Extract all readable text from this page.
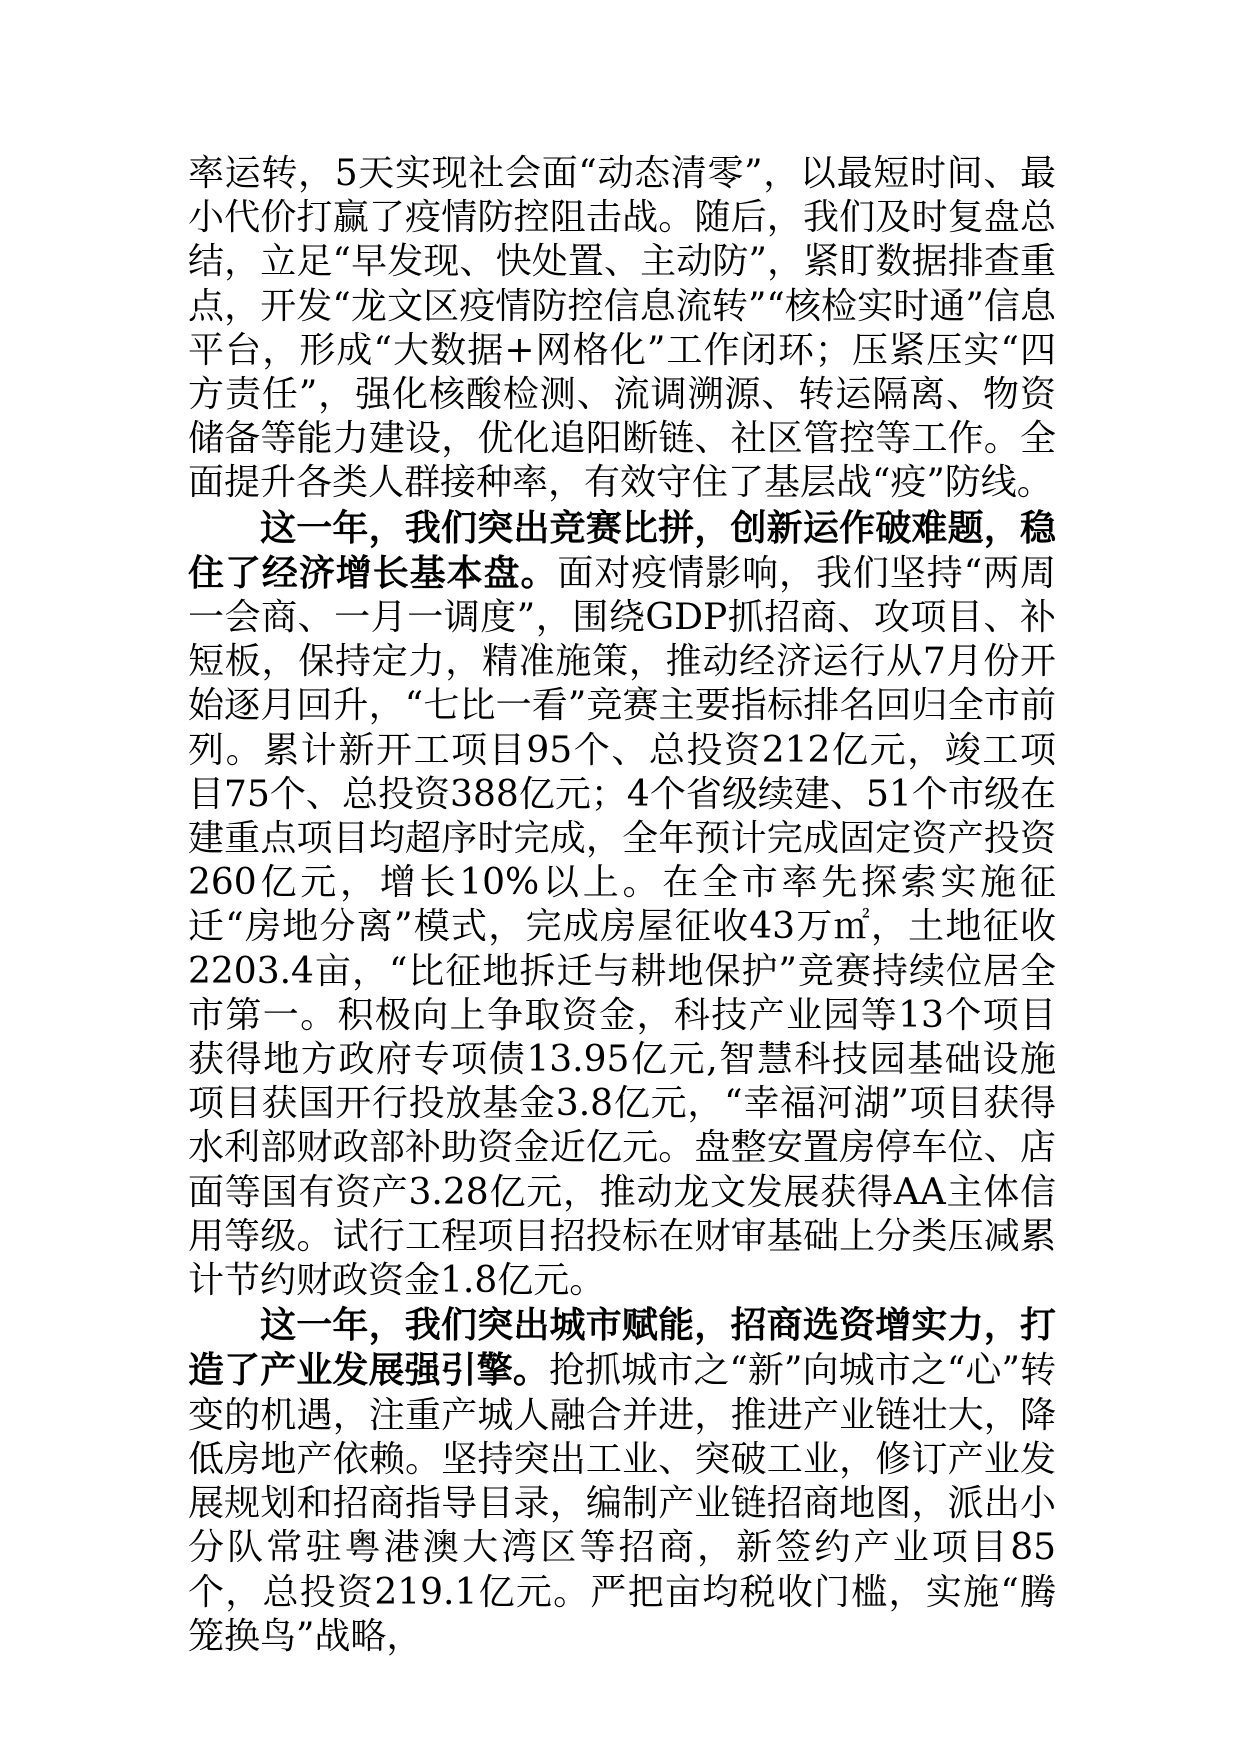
率运转，5天实现社会面“动态清零”，以最短时间、最小代价打赢了疫情防控阻击战。随后，我们及时复盘总结，立足“早发现、快处置、主动防”，紧盯数据排查重点，开发“龙文区疫情防控信息流转”“核检实时通”信息平台，形成“大数据+网格化”工作闭环；压紧压实“四方责任”，强化核酸检测、流调溯源、转运隔离、物资储备等能力建设，优化追阳断链、社区管控等工作。全面提升各类人群接种率，有效守住了基层战“疫”防线。

这一年，我们突出竞赛比拼，创新运作破难题，稳住了经济增长基本盘。面对疫情影响，我们坚持“两周一会商、一月一调度”，围绕GDP抓招商、攻项目、补短板，保持定力，精准施策，推动经济运行从7月份开始逐月回升，“七比一看”竞赛主要指标排名回归全市前列。累计新开工项目95个、总投资212亿元，竣工项目75个、总投资388亿元；4个省级续建、51个市级在建重点项目均超序时完成，全年预计完成固定资产投资260亿元，增长10%以上。在全市率先探索实施征迁“房地分离”模式，完成房屋征收43万㎡，土地征收2203.4亩，“比征地拆迁与耕地保护”竞赛持续位居全市第一。积极向上争取资金，科技产业园等13个项目获得地方政府专项债13.95亿元,智慧科技园基础设施项目获国开行投放基金3.8亿元，“幸福河湖”项目获得水利部财政部补助资金近亿元。盘整安置房停车位、店面等国有资产3.28亿元，推动龙文发展获得AA主体信用等级。试行工程项目招投标在财审基础上分类压减累计节约财政资金1.8亿元。

这一年，我们突出城市赋能，招商选资增实力，打造了产业发展强引擎。抢抓城市之“新”向城市之“心”转变的机遇，注重产城人融合并进，推进产业链壮大，降低房地产依赖。坚持突出工业、突破工业，修订产业发展规划和招商指导目录，编制产业链招商地图，派出小分队常驻粤港澳大湾区等招商，新签约产业项目85个，总投资219.1亿元。严把亩均税收门槛，实施“腾笼换鸟”战略，
